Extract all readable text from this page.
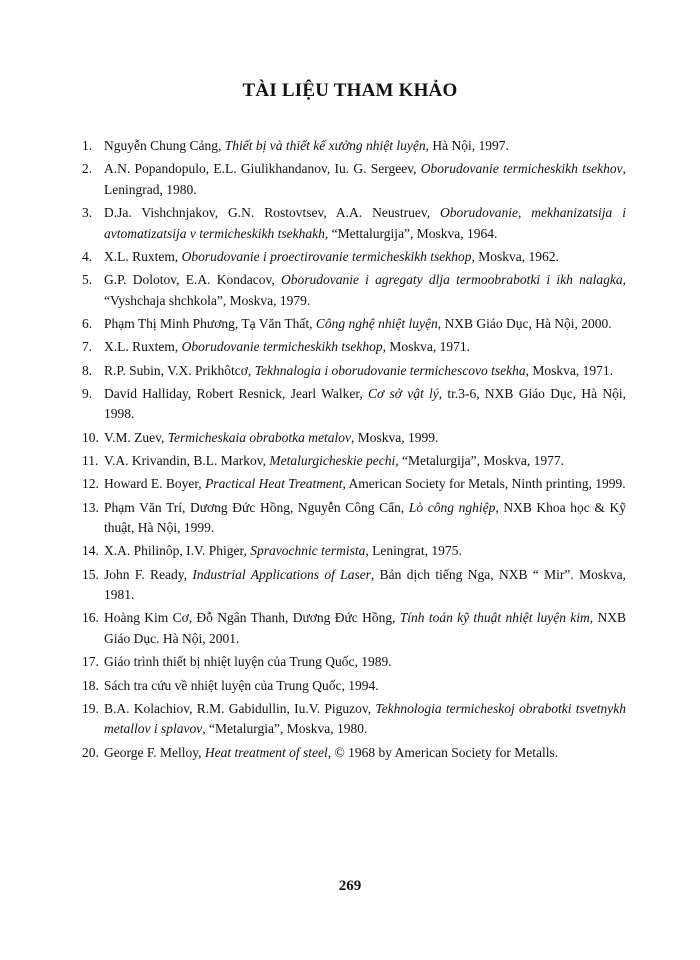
TÀI LIỆU THAM KHẢO
1. Nguyễn Chung Cảng, Thiết bị và thiết kế xưởng nhiệt luyện, Hà Nội, 1997.
2. A.N. Popandopulo, E.L. Giulikhandanov, Iu. G. Sergeev, Oborudovanie termicheskikh tsekhov, Leningrad, 1980.
3. D.Ja. Vishchnjakov, G.N. Rostovtsev, A.A. Neustruev, Oborudovanie, mekhanizatsija i avtomatizatsija v termicheskikh tsekhakh, “Mettalurgija”, Moskva, 1964.
4. X.L. Ruxtem, Oborudovanie i proectirovanie termicheskikh tsekhop, Moskva, 1962.
5. G.P. Dolotov, E.A. Kondacov, Oborudovanie i agregaty dlja termoobrabotki i ikh nalagka, “Vyshchaja shchkola”, Moskva, 1979.
6. Phạm Thị Minh Phương, Tạ Văn Thất, Công nghệ nhiệt luyện, NXB Giáo Dục, Hà Nội, 2000.
7. X.L. Ruxtem, Oborudovanie termicheskikh tsekhop, Moskva, 1971.
8. R.P. Subin, V.X. Prikhôtcơ, Tekhnalogia i oborudovanie termichescovo tsekha, Moskva, 1971.
9. David Halliday, Robert Resnick, Jearl Walker, Cơ sở vật lý, tr.3-6, NXB Giáo Dục, Hà Nội, 1998.
10. V.M. Zuev, Termicheskaia obrabotka metalov, Moskva, 1999.
11. V.A. Krivandin, B.L. Markov, Metalurgicheskie pechi, “Metalurgija”, Moskva, 1977.
12. Howard E. Boyer, Practical Heat Treatment, American Society for Metals, Ninth printing, 1999.
13. Phạm Văn Trí, Dương Đức Hồng, Nguyễn Công Cẩn, Lò công nghiệp, NXB Khoa học & Kỹ thuật, Hà Nội, 1999.
14. X.A. Philinôp, I.V. Phiger, Spravochnic termista, Leningrat, 1975.
15. John F. Ready, Industrial Applications of Laser, Bản dịch tiếng Nga, NXB “ Mir”. Moskva, 1981.
16. Hoàng Kim Cơ, Đỗ Ngân Thanh, Dương Đức Hồng, Tính toán kỹ thuật nhiệt luyện kim, NXB Giáo Dục. Hà Nội, 2001.
17. Giáo trình thiết bị nhiệt luyện của Trung Quốc, 1989.
18. Sách tra cứu về nhiệt luyện của Trung Quốc, 1994.
19. B.A. Kolachiov, R.M. Gabidullin, Iu.V. Piguzov, Tekhnologia termicheskoj obrabotki tsvetnykh metallov i splavov, “Metalurgia”, Moskva, 1980.
20. George F. Melloy, Heat treatment of steel, © 1968 by American Society for Metalls.
269
